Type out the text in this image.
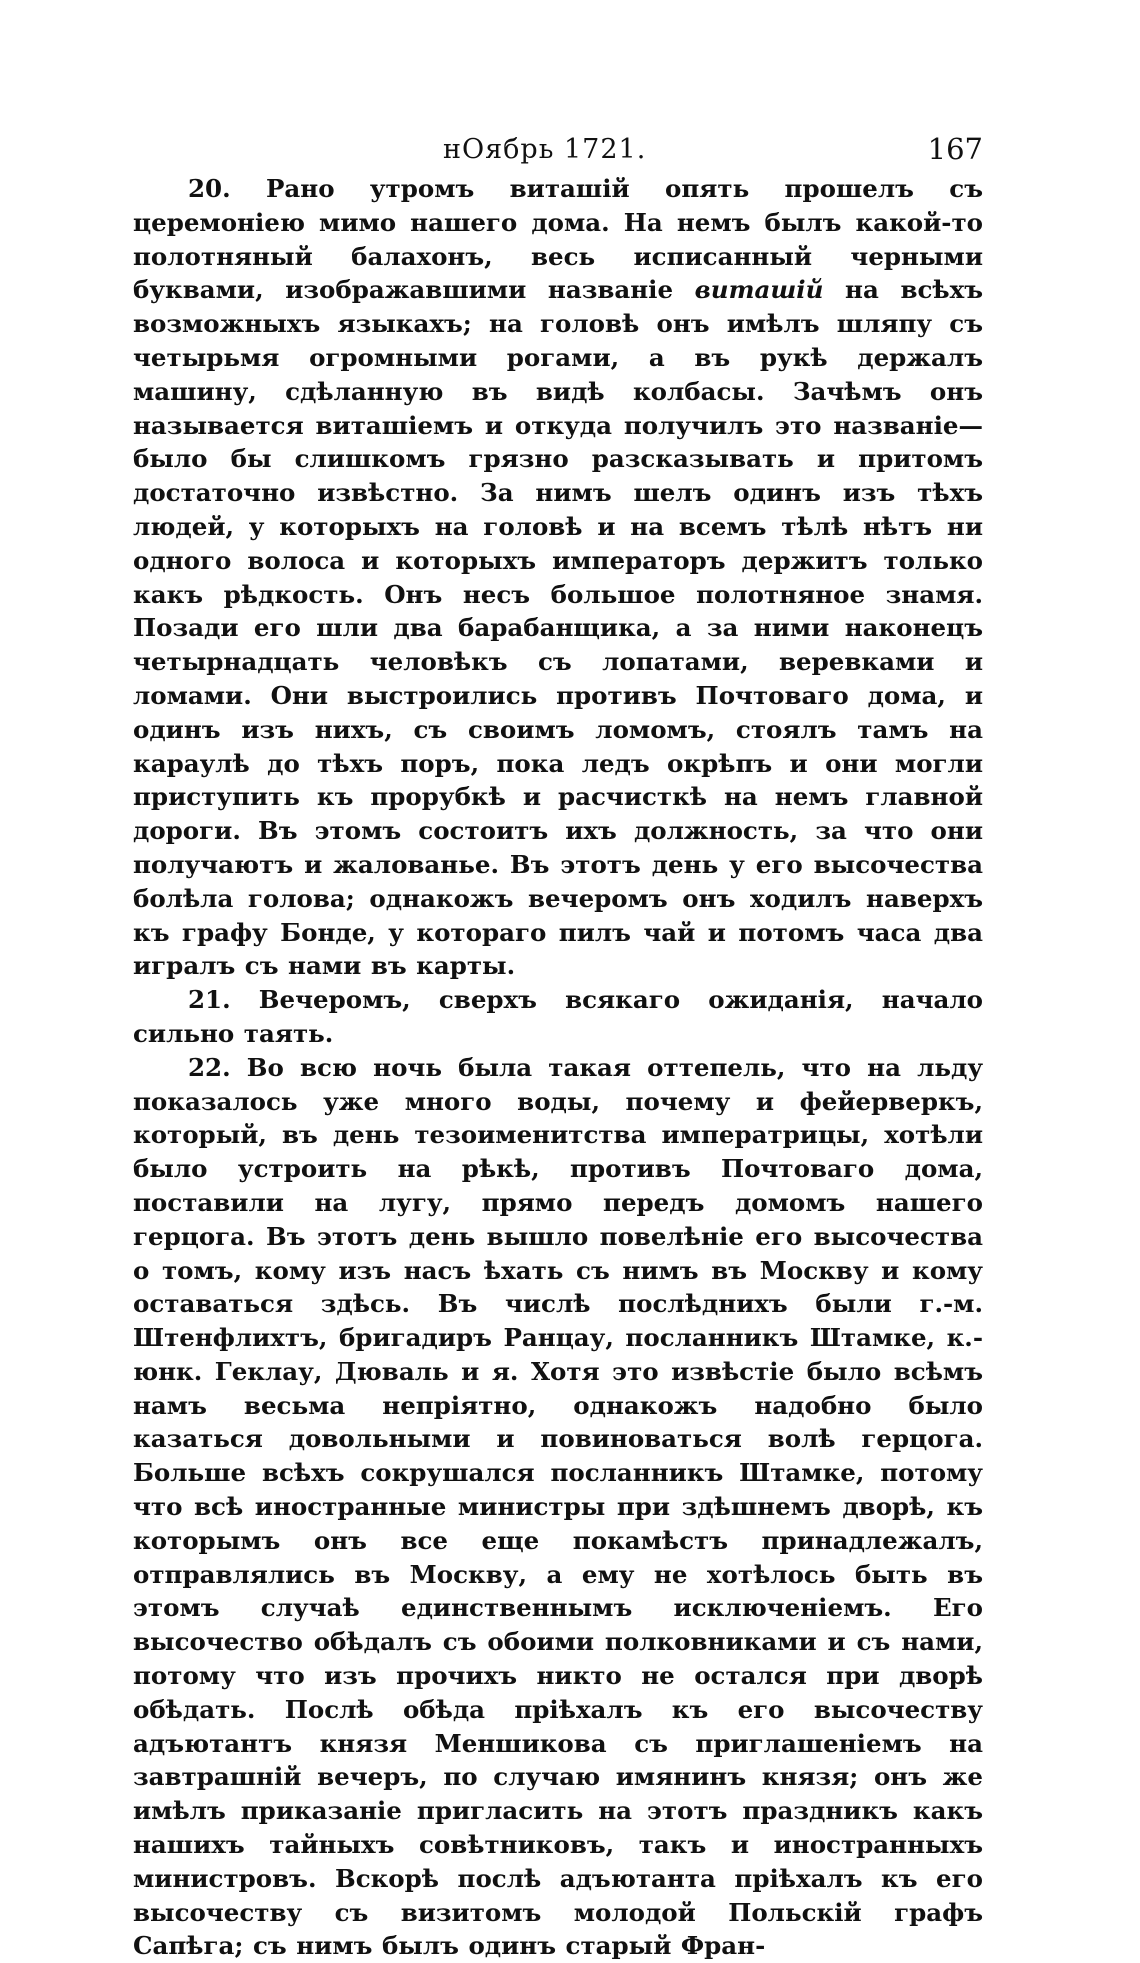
нОябрь 1721.	167

20. Рано утромъ виташій опять прошелъ съ церемоніею мимо нашего дома. На немъ былъ какой-то полотняный балахонъ, весь исписанный черными буквами, изображавшими названіе виташій на всѣхъ возможныхъ языкахъ; на головѣ онъ имѣлъ шляпу съ четырьмя огромными рогами, а въ рукѣ держалъ машину, сдѣланную въ видѣ колбасы. Зачѣмъ онъ называется виташіемъ и откуда получилъ это названіе—было бы слишкомъ грязно разсказывать и притомъ достаточно извѣстно. За нимъ шелъ одинъ изъ тѣхъ людей, у которыхъ на головѣ и на всемъ тѣлѣ нѣтъ ни одного волоса и которыхъ императоръ держитъ только какъ рѣдкость. Онъ несъ большое полотняное знамя. Позади его шли два барабанщика, а за ними наконецъ четырнадцать человѣкъ съ лопатами, веревками и ломами. Они выстроились противъ Почтоваго дома, и одинъ изъ нихъ, съ своимъ ломомъ, стоялъ тамъ на караулѣ до тѣхъ поръ, пока ледъ окрѣпъ и они могли приступить къ прорубкѣ и расчисткѣ на немъ главной дороги. Въ этомъ состоитъ ихъ должность, за что они получаютъ и жалованье. Въ этотъ день у его высочества болѣла голова; однакожъ вечеромъ онъ ходилъ наверхъ къ графу Бонде, у котораго пилъ чай и потомъ часа два игралъ съ нами въ карты.

21. Вечеромъ, сверхъ всякаго ожиданія, начало сильно таять.

22. Во всю ночь была такая оттепель, что на льду показалось уже много воды, почему и фейерверкъ, который, въ день тезоименитства императрицы, хотѣли было устроить на рѣкѣ, противъ Почтоваго дома, поставили на лугу, прямо передъ домомъ нашего герцога. Въ этотъ день вышло повелѣніе его высочества о томъ, кому изъ насъ ѣхать съ нимъ въ Москву и кому оставаться здѣсь. Въ числѣ послѣднихъ были г.-м. Штенфлихтъ, бригадиръ Ранцау, посланникъ Штамке, к.-юнк. Геклау, Дюваль и я. Хотя это извѣстіе было всѣмъ намъ весьма непріятно, однакожъ надобно было казаться довольными и повиноваться волѣ герцога. Больше всѣхъ сокрушался посланникъ Штамке, потому что всѣ иностранные министры при здѣшнемъ дворѣ, къ которымъ онъ все еще покамѣстъ принадлежалъ, отправлялись въ Москву, а ему не хотѣлось быть въ этомъ случаѣ единственнымъ исключеніемъ. Его высочество обѣдалъ съ обоими полковниками и съ нами, потому что изъ прочихъ никто не остался при дворѣ обѣдать. Послѣ обѣда пріѣхалъ къ его высочеству адъютантъ князя Меншикова съ приглашеніемъ на завтрашній вечеръ, по случаю имянинъ князя; онъ же имѣлъ приказаніе пригласить на этотъ праздникъ какъ нашихъ тайныхъ совѣтниковъ, такъ и иностранныхъ министровъ. Вскорѣ послѣ адъютанта пріѣхалъ къ его высочеству съ визитомъ молодой Польскій графъ Сапѣга; съ нимъ былъ одинъ старый Фран-
